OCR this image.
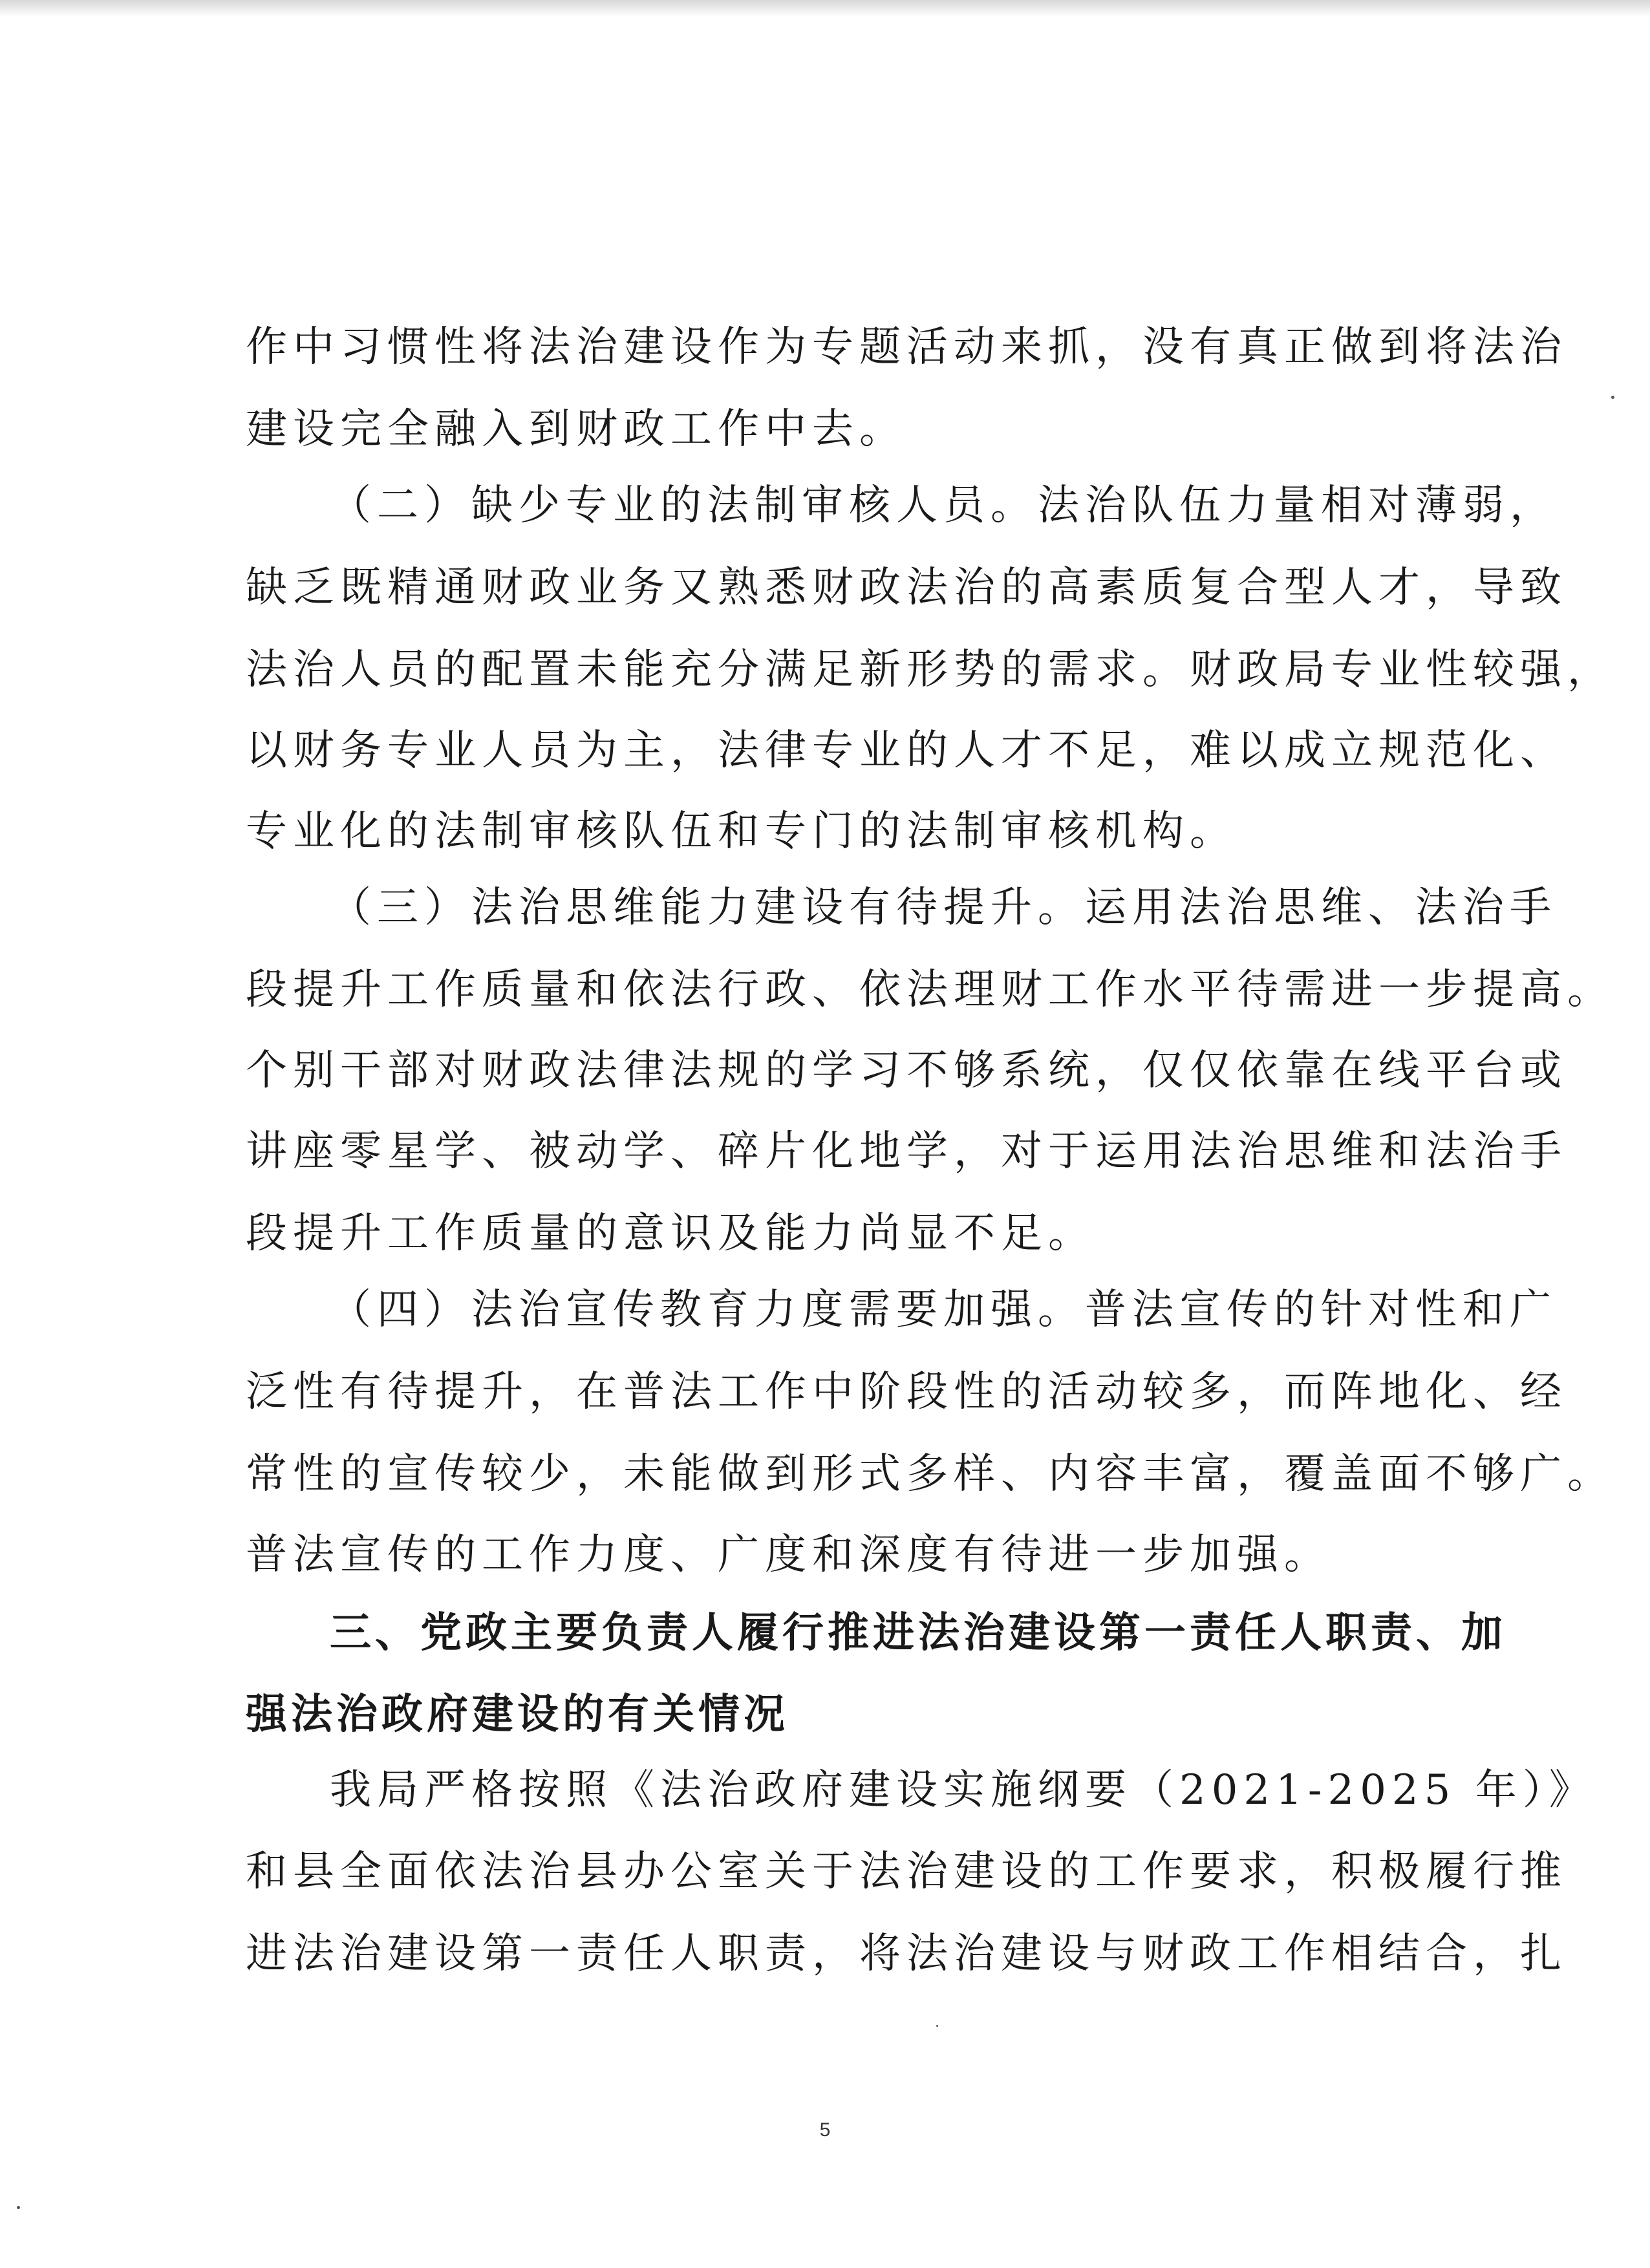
作中习惯性将法治建设作为专题活动来抓，没有真正做到将法治
建设完全融入到财政工作中去。
（二）缺少专业的法制审核人员。法治队伍力量相对薄弱，
缺乏既精通财政业务又熟悉财政法治的高素质复合型人才，导致
法治人员的配置未能充分满足新形势的需求。财政局专业性较强，
以财务专业人员为主，法律专业的人才不足，难以成立规范化、
专业化的法制审核队伍和专门的法制审核机构。
（三）法治思维能力建设有待提升。运用法治思维、法治手
段提升工作质量和依法行政、依法理财工作水平待需进一步提高。
个别干部对财政法律法规的学习不够系统，仅仅依靠在线平台或
讲座零星学、被动学、碎片化地学，对于运用法治思维和法治手
段提升工作质量的意识及能力尚显不足。
（四）法治宣传教育力度需要加强。普法宣传的针对性和广
泛性有待提升，在普法工作中阶段性的活动较多，而阵地化、经
常性的宣传较少，未能做到形式多样、内容丰富，覆盖面不够广。
普法宣传的工作力度、广度和深度有待进一步加强。
三、党政主要负责人履行推进法治建设第一责任人职责、加
强法治政府建设的有关情况
我局严格按照《法治政府建设实施纲要（2021-2025 年）》
和县全面依法治县办公室关于法治建设的工作要求，积极履行推
进法治建设第一责任人职责，将法治建设与财政工作相结合，扎
5
